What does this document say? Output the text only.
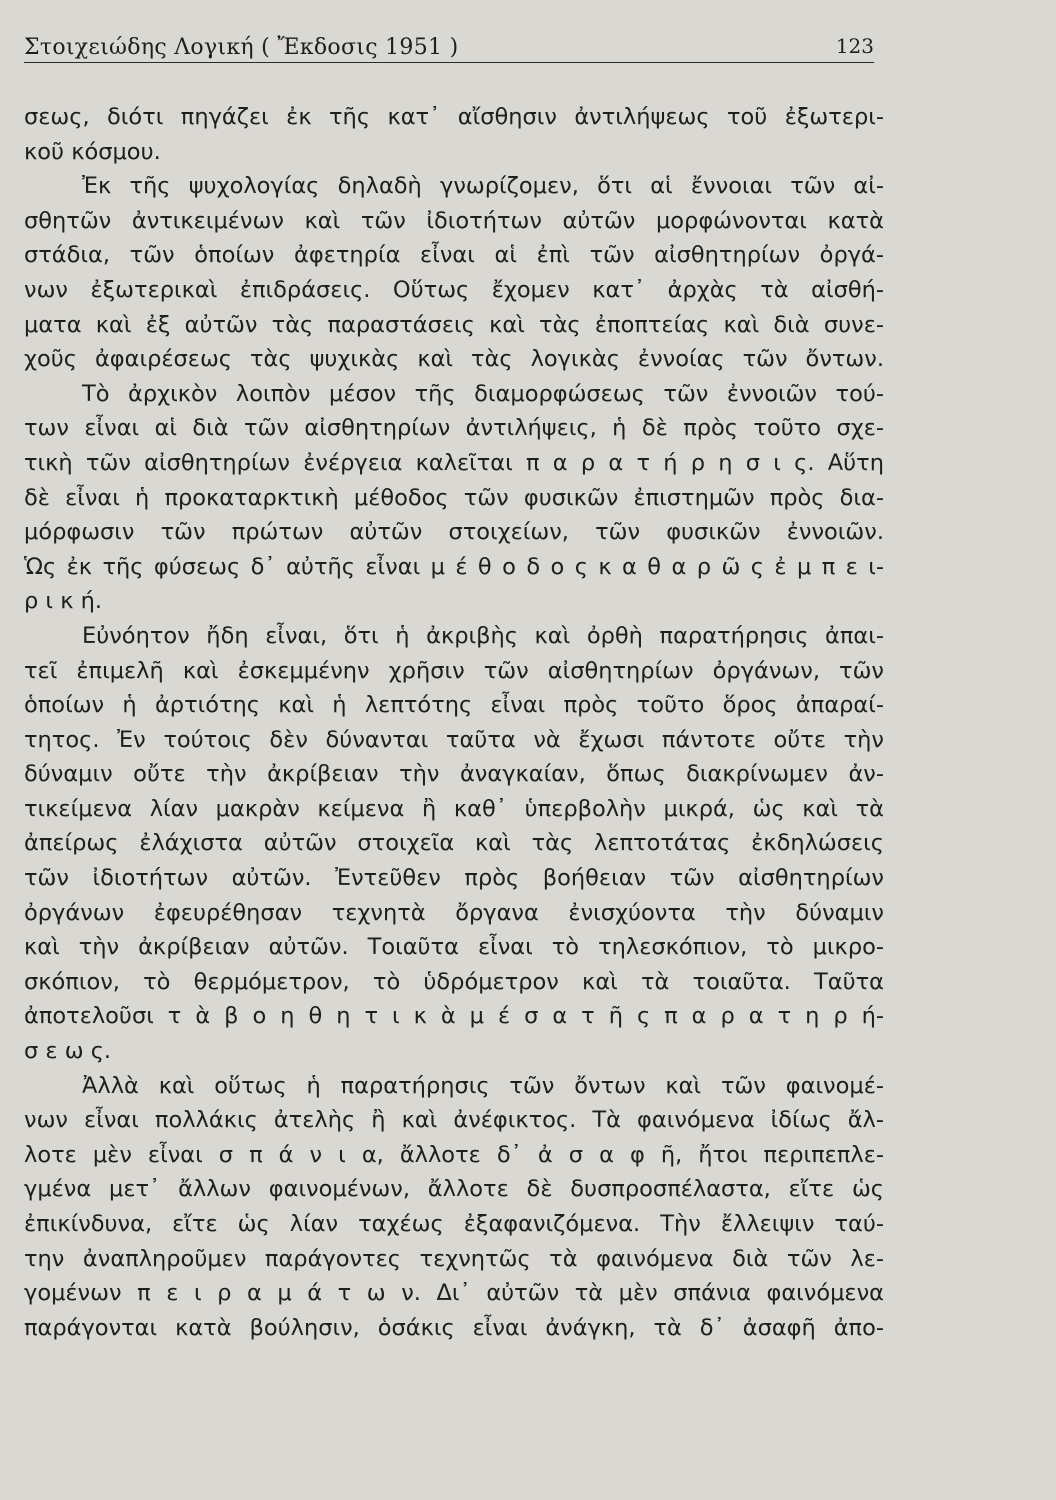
Στοιχειώδης Λογική ( Ἔκδοσις 1951 )	123
σεως, διότι πηγάζει ἐκ τῆς κατ᾿ αἴσθησιν ἀντιλήψεως τοῦ ἐξωτερι-
κοῦ κόσμου.
Ἐκ τῆς ψυχολογίας δηλαδὴ γνωρίζομεν, ὅτι αἱ ἔννοιαι τῶν αἰ-
σθητῶν ἀντικειμένων καὶ τῶν ἰδιοτήτων αὐτῶν μορφώνονται κατὰ
στάδια, τῶν ὁποίων ἀφετηρία εἶναι αἱ ἐπὶ τῶν αἰσθητηρίων ὀργά-
νων ἐξωτερικαὶ ἐπιδράσεις. Οὕτως ἔχομεν κατ᾿ ἀρχὰς τὰ αἰσθή-
ματα καὶ ἐξ αὐτῶν τὰς παραστάσεις καὶ τὰς ἐποπτείας καὶ διὰ συνε-
χοῦς ἀφαιρέσεως τὰς ψυχικὰς καὶ τὰς λογικὰς ἐννοίας τῶν ὄντων.
Τὸ ἀρχικὸν λοιπὸν μέσον τῆς διαμορφώσεως τῶν ἐννοιῶν τού-
των εἶναι αἱ διὰ τῶν αἰσθητηρίων ἀντιλήψεις, ἡ δὲ πρὸς τοῦτο σχε-
τικὴ τῶν αἰσθητηρίων ἐνέργεια καλεῖται π α ρ α τ ή ρ η σ ι ς. Αὕτη
δὲ εἶναι ἡ προκαταρκτικὴ μέθοδος τῶν φυσικῶν ἐπιστημῶν πρὸς δια-
μόρφωσιν τῶν πρώτων αὐτῶν στοιχείων, τῶν φυσικῶν ἐννοιῶν.
Ὡς ἐκ τῆς φύσεως δ᾿ αὐτῆς εἶναι μ έ θ ο δ ο ς κ α θ α ρ ῶ ς ἐ μ π ε ι-
ρ ι κ ή.
Εὐνόητον ἤδη εἶναι, ὅτι ἡ ἀκριβὴς καὶ ὀρθὴ παρατήρησις ἀπαι-
τεῖ ἐπιμελῆ καὶ ἐσκεμμένην χρῆσιν τῶν αἰσθητηρίων ὀργάνων, τῶν
ὁποίων ἡ ἀρτιότης καὶ ἡ λεπτότης εἶναι πρὸς τοῦτο ὅρος ἀπαραί-
τητος. Ἐν τούτοις δὲν δύνανται ταῦτα νὰ ἔχωσι πάντοτε οὔτε τὴν
δύναμιν οὔτε τὴν ἀκρίβειαν τὴν ἀναγκαίαν, ὅπως διακρίνωμεν ἀν-
τικείμενα λίαν μακρὰν κείμενα ἢ καθ᾿ ὑπερβολὴν μικρά, ὡς καὶ τὰ
ἀπείρως ἐλάχιστα αὐτῶν στοιχεῖα καὶ τὰς λεπτοτάτας ἐκδηλώσεις
τῶν ἰδιοτήτων αὐτῶν. Ἐντεῦθεν πρὸς βοήθειαν τῶν αἰσθητηρίων
ὀργάνων ἐφευρέθησαν τεχνητὰ ὄργανα ἐνισχύοντα τὴν δύναμιν
καὶ τὴν ἀκρίβειαν αὐτῶν. Τοιαῦτα εἶναι τὸ τηλεσκόπιον, τὸ μικρο-
σκόπιον, τὸ θερμόμετρον, τὸ ὑδρόμετρον καὶ τὰ τοιαῦτα. Ταῦτα
ἀποτελοῦσι τ ὰ β ο η θ η τ ι κ ὰ μ έ σ α τ ῆ ς π α ρ α τ η ρ ή-
σ ε ω ς.
Ἀλλὰ καὶ οὕτως ἡ παρατήρησις τῶν ὄντων καὶ τῶν φαινομέ-
νων εἶναι πολλάκις ἀτελὴς ἢ καὶ ἀνέφικτος. Τὰ φαινόμενα ἰδίως ἄλ-
λοτε μὲν εἶναι σ π ά ν ι α, ἄλλοτε δ᾿ ἀ σ α φ ῆ, ἤτοι περιπεπλε-
γμένα μετ᾿ ἄλλων φαινομένων, ἄλλοτε δὲ δυσπροσπέλαστα, εἴτε ὡς
ἐπικίνδυνα, εἴτε ὡς λίαν ταχέως ἐξαφανιζόμενα. Τὴν ἔλλειψιν ταύ-
την ἀναπληροῦμεν παράγοντες τεχνητῶς τὰ φαινόμενα διὰ τῶν λε-
γομένων π ε ι ρ α μ ά τ ω ν. Δι᾿ αὐτῶν τὰ μὲν σπάνια φαινόμενα
παράγονται κατὰ βούλησιν, ὁσάκις εἶναι ἀνάγκη, τὰ δ᾿ ἀσαφῆ ἀπο-
